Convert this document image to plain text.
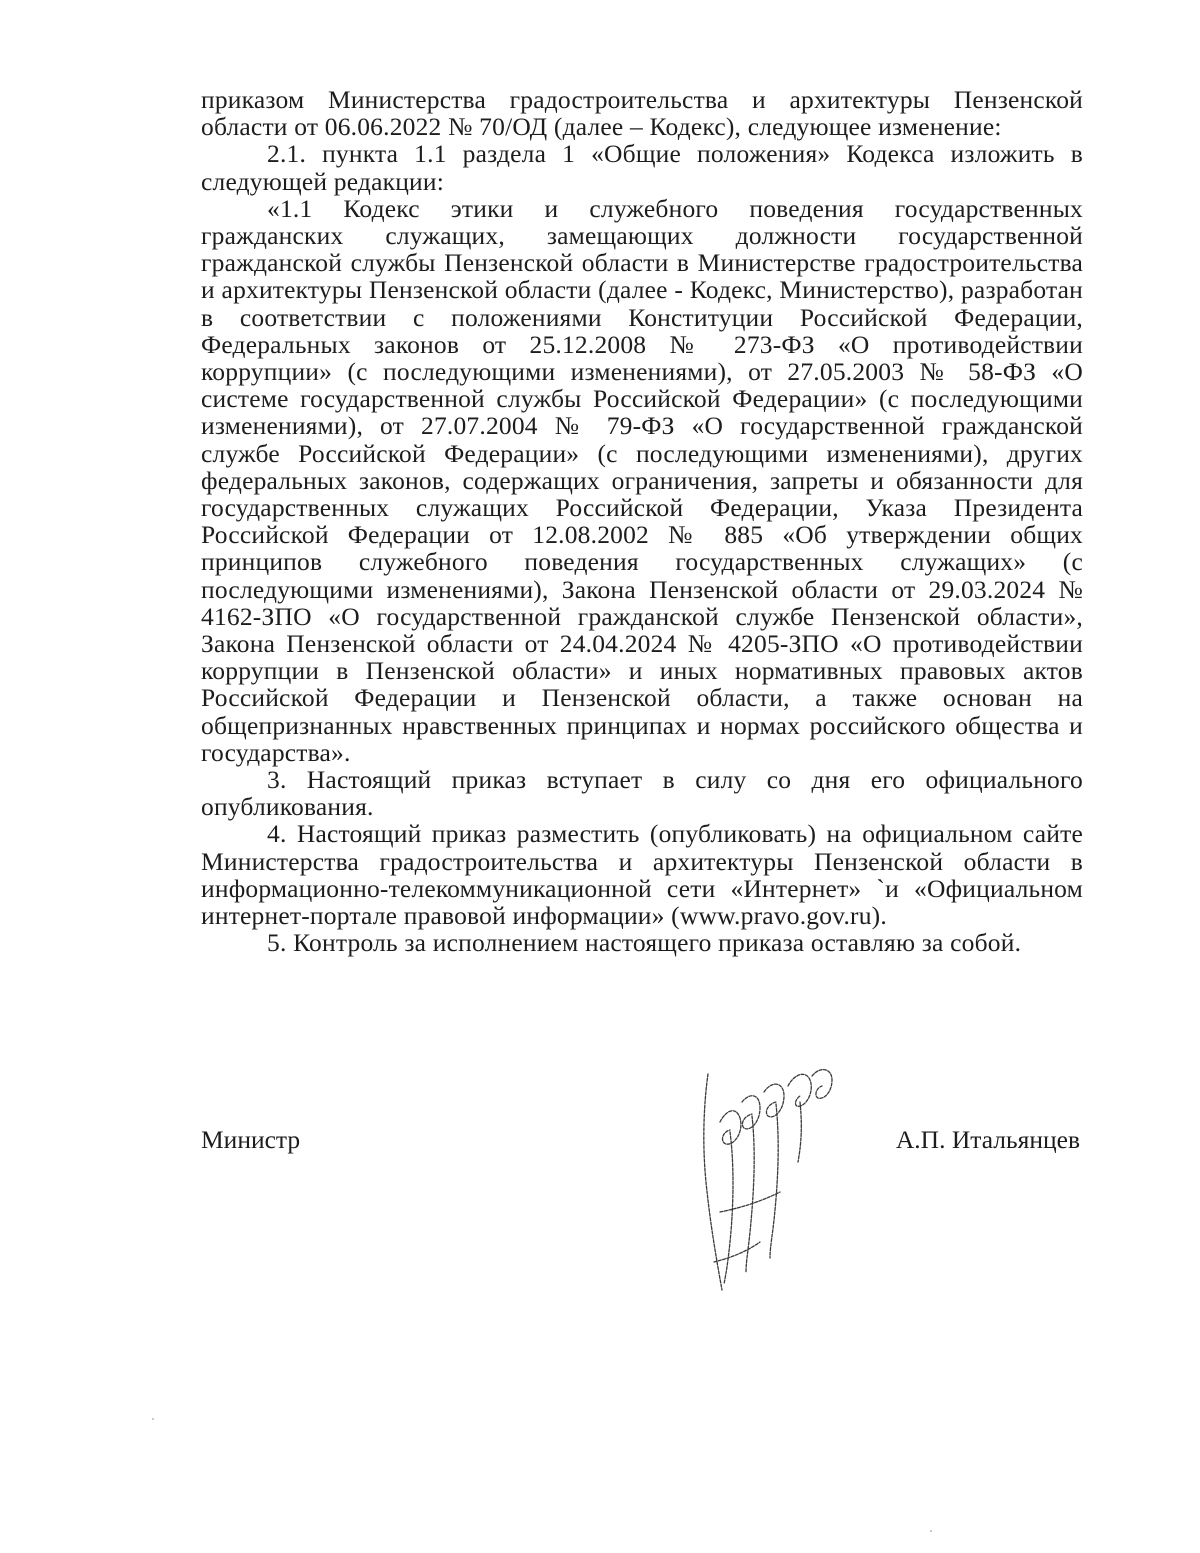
приказом Министерства градостроительства и архитектуры Пензенской области от 06.06.2022 № 70/ОД (далее – Кодекс), следующее изменение:

2.1. пункта 1.1 раздела 1 «Общие положения» Кодекса изложить в следующей редакции:

«1.1 Кодекс этики и служебного поведения государственных гражданских служащих, замещающих должности государственной гражданской службы Пензенской области в Министерстве градостроительства и архитектуры Пензенской области (далее - Кодекс, Министерство), разработан в соответствии с положениями Конституции Российской Федерации, Федеральных законов от 25.12.2008 № 273-ФЗ «О противодействии коррупции» (с последующими изменениями), от 27.05.2003 № 58-ФЗ «О системе государственной службы Российской Федерации» (с последующими изменениями), от 27.07.2004 № 79-ФЗ «О государственной гражданской службе Российской Федерации» (с последующими изменениями), других федеральных законов, содержащих ограничения, запреты и обязанности для государственных служащих Российской Федерации, Указа Президента Российской Федерации от 12.08.2002 № 885 «Об утверждении общих принципов служебного поведения государственных служащих» (с последующими изменениями), Закона Пензенской области от 29.03.2024 № 4162-ЗПО «О государственной гражданской службе Пензенской области», Закона Пензенской области от 24.04.2024 № 4205-ЗПО «О противодействии коррупции в Пензенской области» и иных нормативных правовых актов Российской Федерации и Пензенской области, а также основан на общепризнанных нравственных принципах и нормах российского общества и государства».

3. Настоящий приказ вступает в силу со дня его официального опубликования.

4. Настоящий приказ разместить (опубликовать) на официальном сайте Министерства градостроительства и архитектуры Пензенской области в информационно-телекоммуникационной сети «Интернет» `и «Официальном интернет-портале правовой информации» (www.pravo.gov.ru).

5. Контроль за исполнением настоящего приказа оставляю за собой.

Министр	А.П. Итальянцев
